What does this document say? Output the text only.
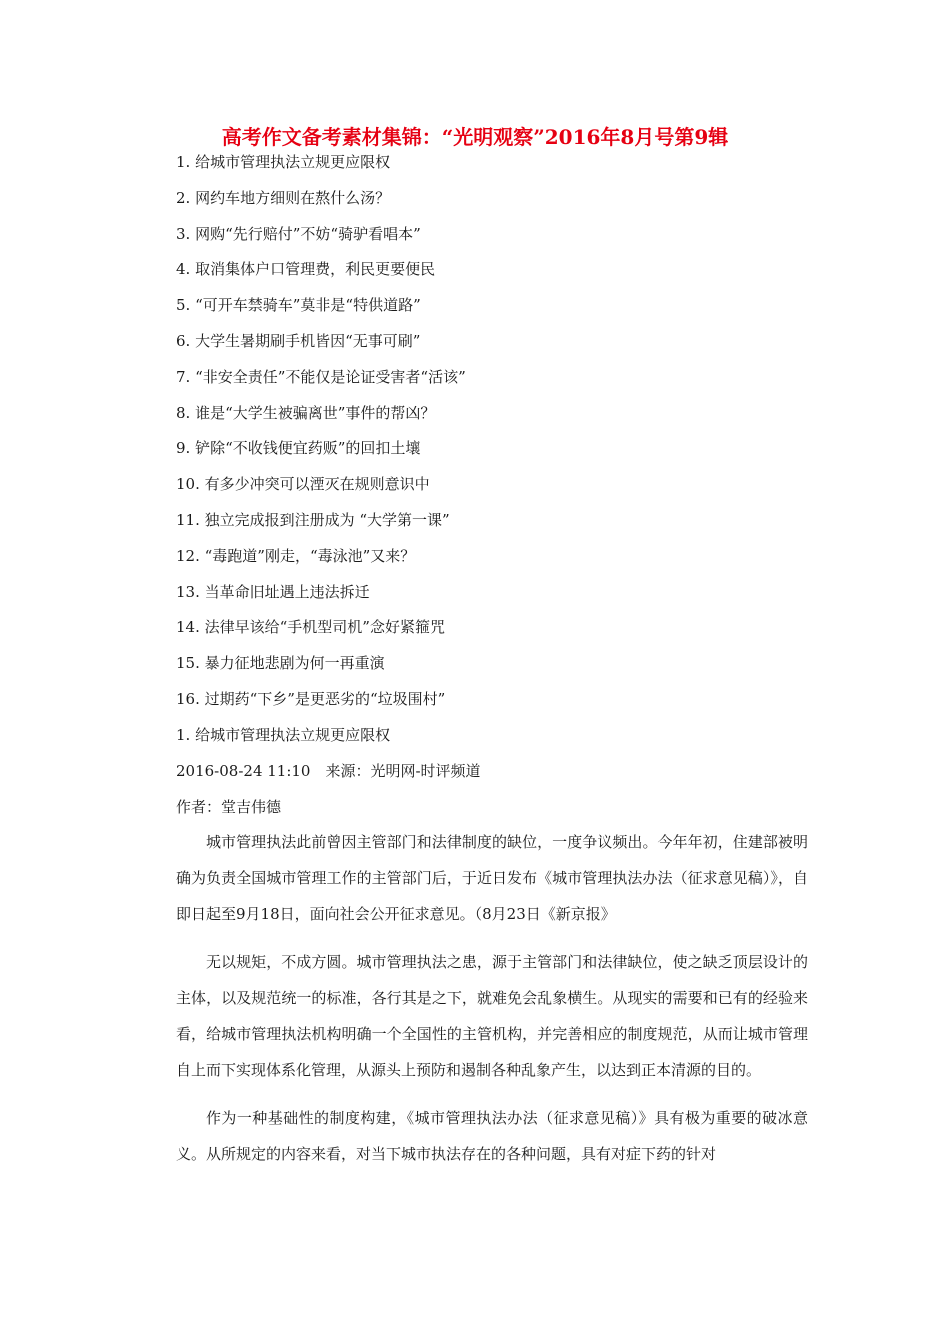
高考作文备考素材集锦：“光明观察”2016年8月号第9辑
1. 给城市管理执法立规更应限权
2. 网约车地方细则在熬什么汤？
3. 网购“先行赔付”不妨“骑驴看唱本”
4. 取消集体户口管理费，利民更要便民
5. “可开车禁骑车”莫非是“特供道路”
6. 大学生暑期刷手机皆因“无事可刷”
7. “非安全责任”不能仅是论证受害者“活该”
8. 谁是“大学生被骗离世”事件的帮凶？
9. 铲除“不收钱便宜药贩”的回扣土壤
10. 有多少冲突可以湮灭在规则意识中
11. 独立完成报到注册成为 “大学第一课”
12. “毒跑道”刚走，“毒泳池”又来？
13. 当革命旧址遇上违法拆迁
14. 法律早该给“手机型司机”念好紧箍咒
15. 暴力征地悲剧为何一再重演
16. 过期药“下乡”是更恶劣的“垃圾围村”
1. 给城市管理执法立规更应限权
2016-08-24 11:10　来源：光明网-时评频道
作者：堂吉伟德

城市管理执法此前曾因主管部门和法律制度的缺位，一度争议频出。今年年初，住建部被明确为负责全国城市管理工作的主管部门后，于近日发布《城市管理执法办法（征求意见稿）》，自即日起至9月18日，面向社会公开征求意见。（8月23日《新京报》

无以规矩，不成方圆。城市管理执法之患，源于主管部门和法律缺位，使之缺乏顶层设计的主体，以及规范统一的标准，各行其是之下，就难免会乱象横生。从现实的需要和已有的经验来看，给城市管理执法机构明确一个全国性的主管机构，并完善相应的制度规范，从而让城市管理自上而下实现体系化管理，从源头上预防和遏制各种乱象产生，以达到正本清源的目的。

作为一种基础性的制度构建，《城市管理执法办法（征求意见稿）》具有极为重要的破冰意义。从所规定的内容来看，对当下城市执法存在的各种问题，具有对症下药的针对
